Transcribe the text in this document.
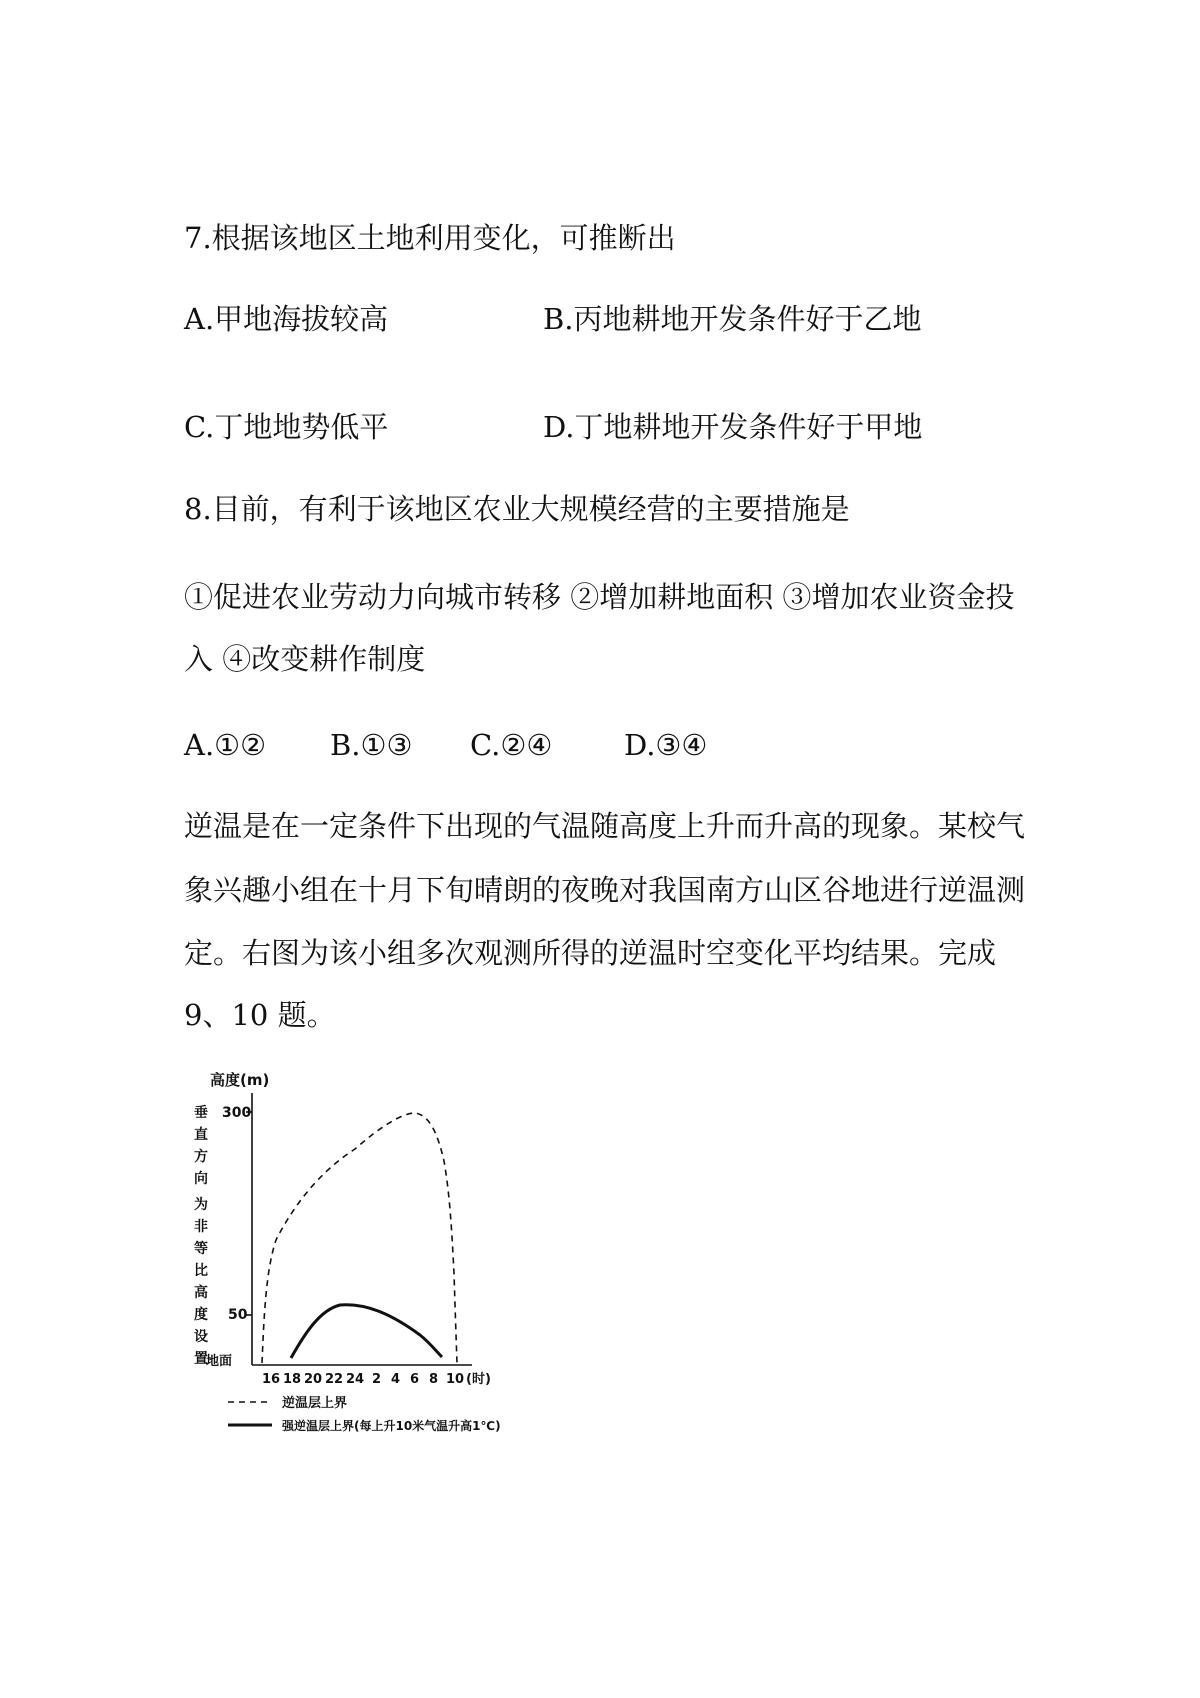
7.根据该地区土地利用变化，可推断出
A.甲地海拔较高	B.丙地耕地开发条件好于乙地
C.丁地地势低平	D.丁地耕地开发条件好于甲地
8.目前，有利于该地区农业大规模经营的主要措施是
①促进农业劳动力向城市转移 ②增加耕地面积 ③增加农业资金投
入 ④改变耕作制度
A.①② B.①③ C.②④ D.③④
逆温是在一定条件下出现的气温随高度上升而升高的现象。某校气
象兴趣小组在十月下旬晴朗的夜晚对我国南方山区谷地进行逆温测
定。右图为该小组多次观测所得的逆温时空变化平均结果。完成
9、10 题。
高度(m)
垂
直
方
向
为
非
等
比
高
度
设
置
300
50
地面
16 18 20 22 24 2 4 6 8 10 (时)
逆温层上界
强逆温层上界(每上升10米气温升高1℃)
